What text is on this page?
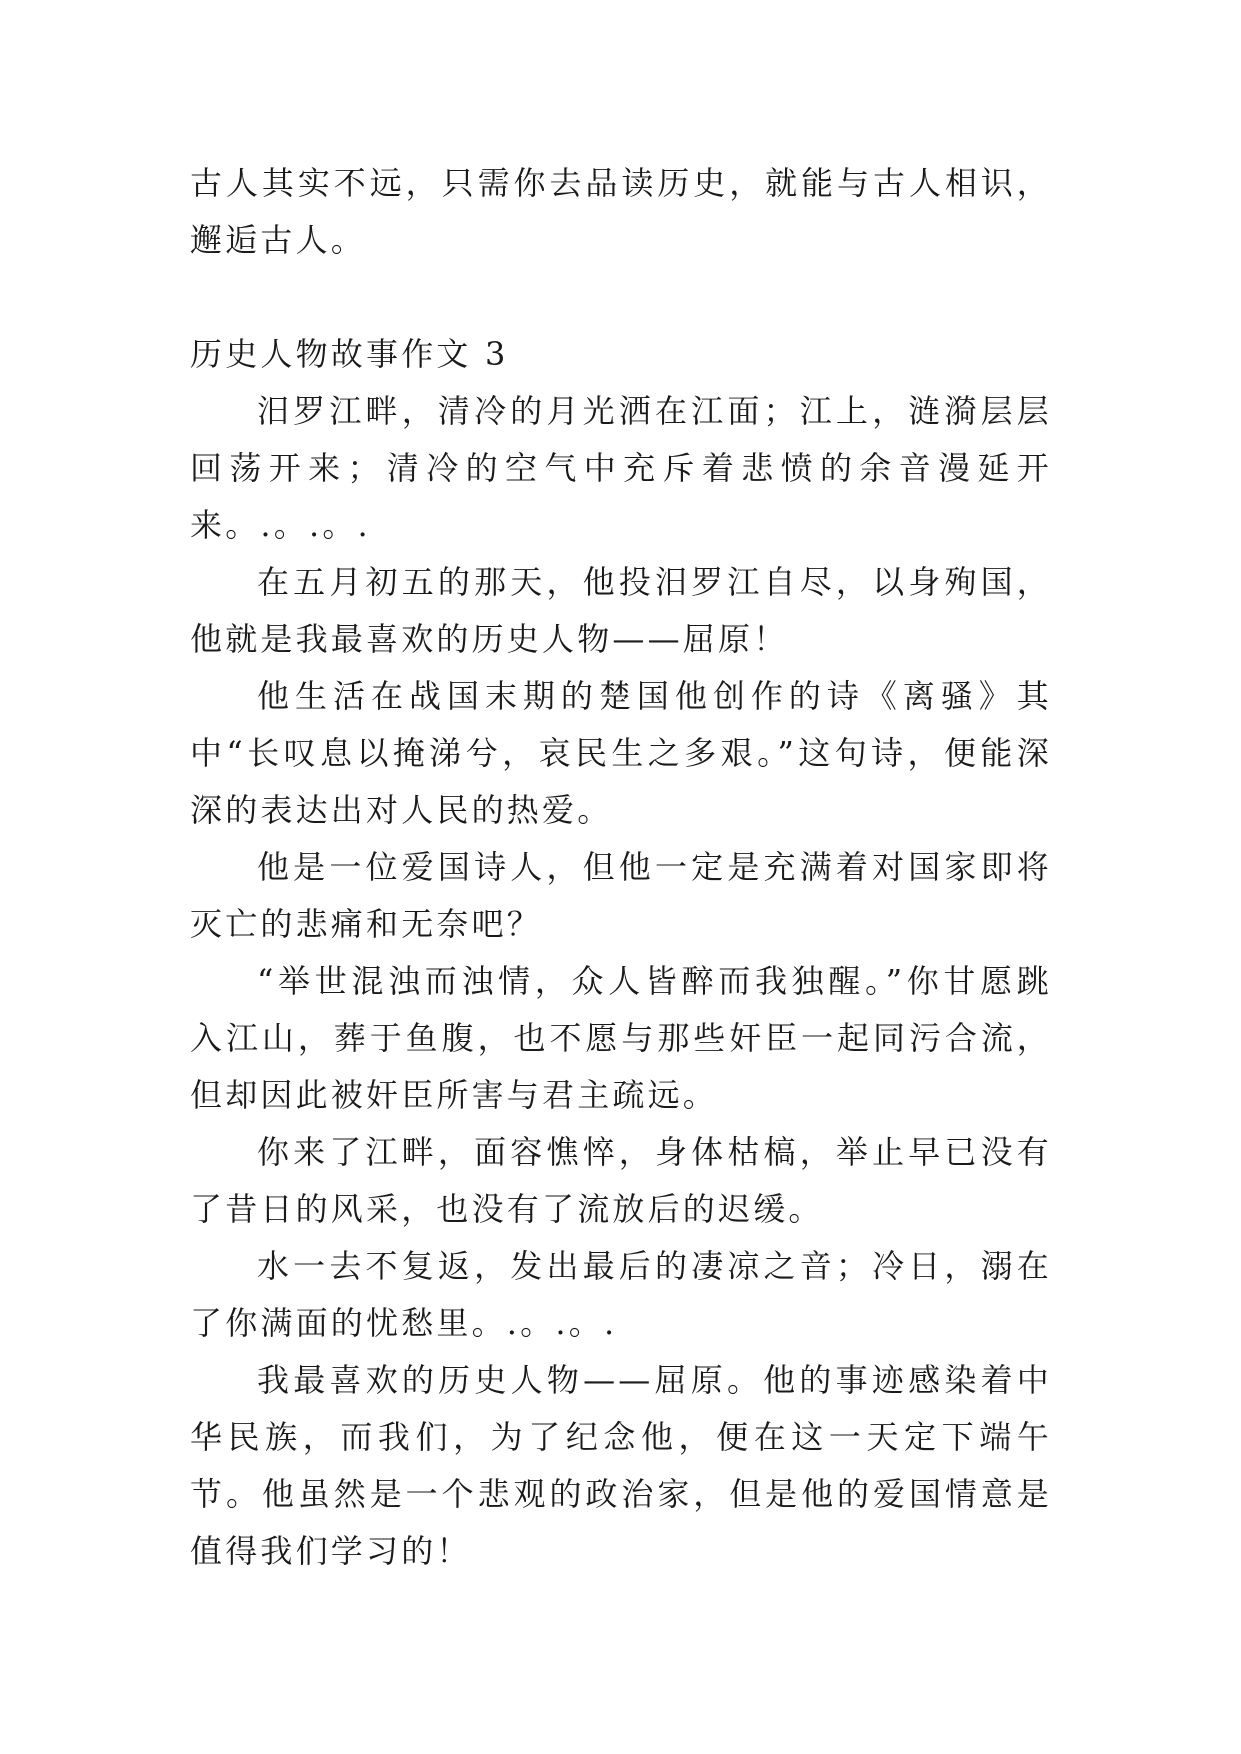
古人其实不远，只需你去品读历史，就能与古人相识，邂逅古人。

历史人物故事作文 3

汨罗江畔，清冷的月光洒在江面；江上，涟漪层层回荡开来；清冷的空气中充斥着悲愤的余音漫延开来。.。.。.

在五月初五的那天，他投汨罗江自尽，以身殉国，他就是我最喜欢的历史人物——屈原！

他生活在战国末期的楚国他创作的诗《离骚》其中“长叹息以掩涕兮，哀民生之多艰。”这句诗，便能深深的表达出对人民的热爱。

他是一位爱国诗人，但他一定是充满着对国家即将灭亡的悲痛和无奈吧？

“举世混浊而浊情，众人皆醉而我独醒。”你甘愿跳入江山，葬于鱼腹，也不愿与那些奸臣一起同污合流，但却因此被奸臣所害与君主疏远。

你来了江畔，面容憔悴，身体枯槁，举止早已没有了昔日的风采，也没有了流放后的迟缓。

水一去不复返，发出最后的凄凉之音；冷日，溺在了你满面的忧愁里。.。.。.

我最喜欢的历史人物——屈原。他的事迹感染着中华民族，而我们，为了纪念他，便在这一天定下端午节。他虽然是一个悲观的政治家，但是他的爱国情意是值得我们学习的！
